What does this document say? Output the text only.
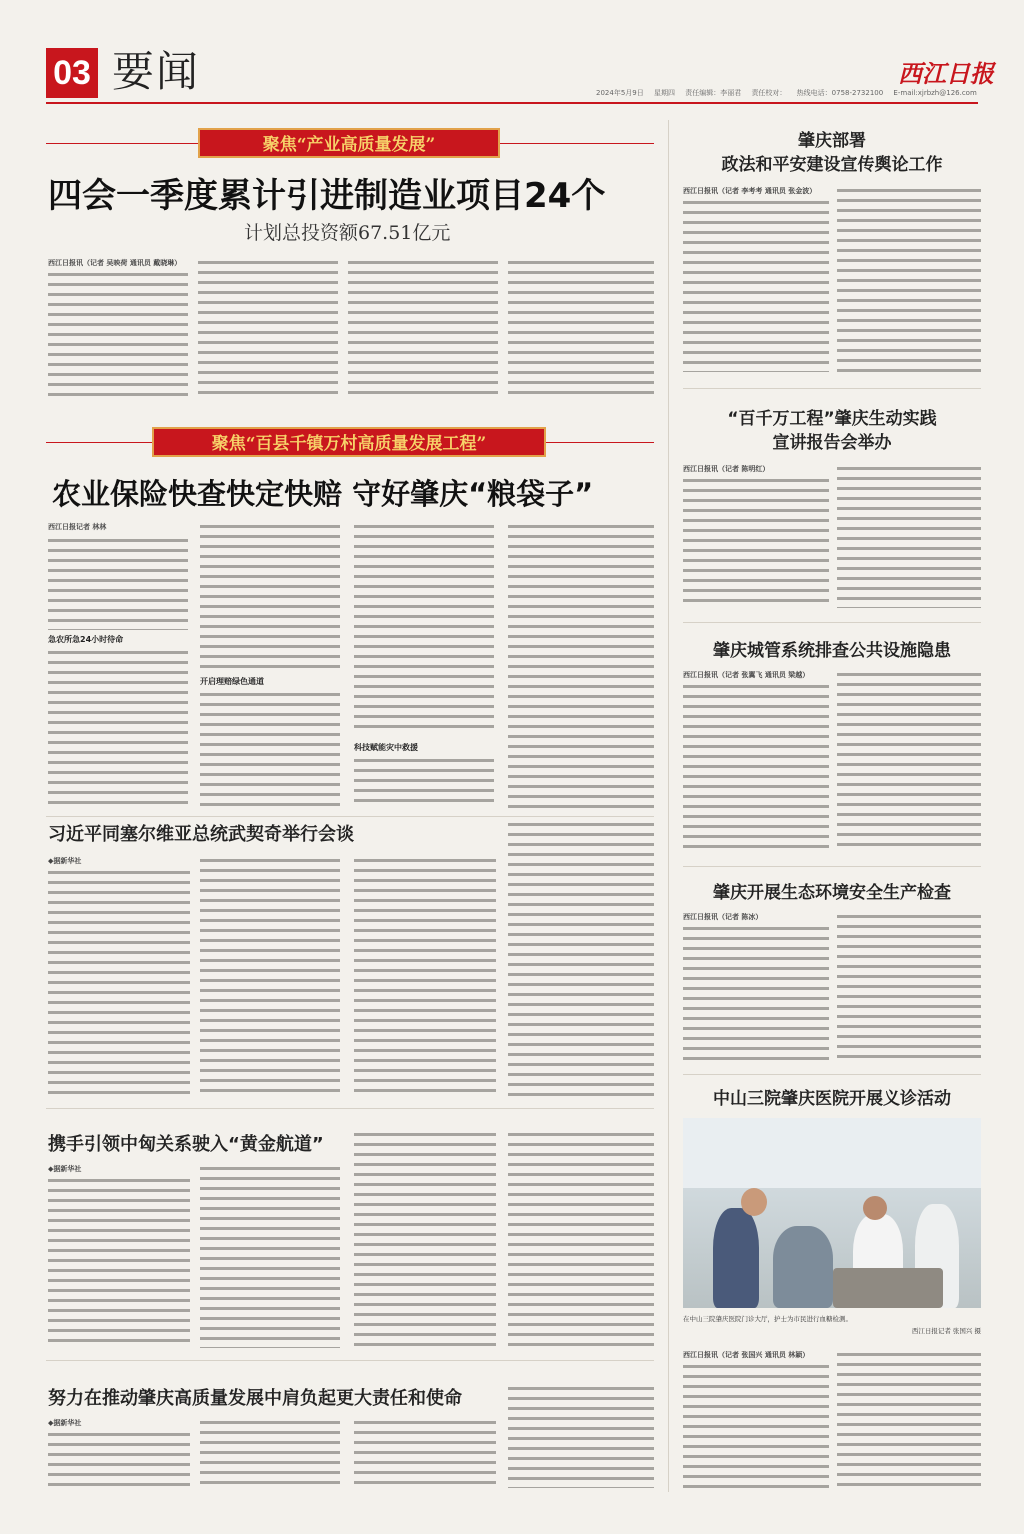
03 要闻	2024年5月9日 星期四 责任编辑：李丽君 责任校对： 热线电话：0758-2732100 E-mail:xjrbzh@126.com
西江日报
聚焦“产业高质量发展”
四会一季度累计引进制造业项目24个
计划总投资额67.51亿元
西江日报讯（记者 吴映荷 通讯员 戴晓琳）
聚焦“百县千镇万村高质量发展工程”
农业保险快查快定快赔 守好肇庆“粮袋子”
西江日报记者 林林
急农所急24小时待命
开启理赔绿色通道
科技赋能灾中救援
习近平同塞尔维亚总统武契奇举行会谈
◆据新华社
携手引领中匈关系驶入“黄金航道”
◆据新华社
努力在推动肇庆高质量发展中肩负起更大责任和使命
◆据新华社
肇庆部署
政法和平安建设宣传舆论工作
西江日报讯（记者 李考考 通讯员 张金波）
“百千万工程”肇庆生动实践
宣讲报告会举办
西江日报讯（记者 陈明红）
肇庆城管系统排查公共设施隐患
西江日报讯（记者 张翼飞 通讯员 梁越）
肇庆开展生态环境安全生产检查
西江日报讯（记者 陈冰）
中山三院肇庆医院开展义诊活动
在中山三院肇庆医院门诊大厅，护士为市民进行血糖检测。
西江日报记者 张国兴 摄
西江日报讯（记者 张国兴 通讯员 林颖）
